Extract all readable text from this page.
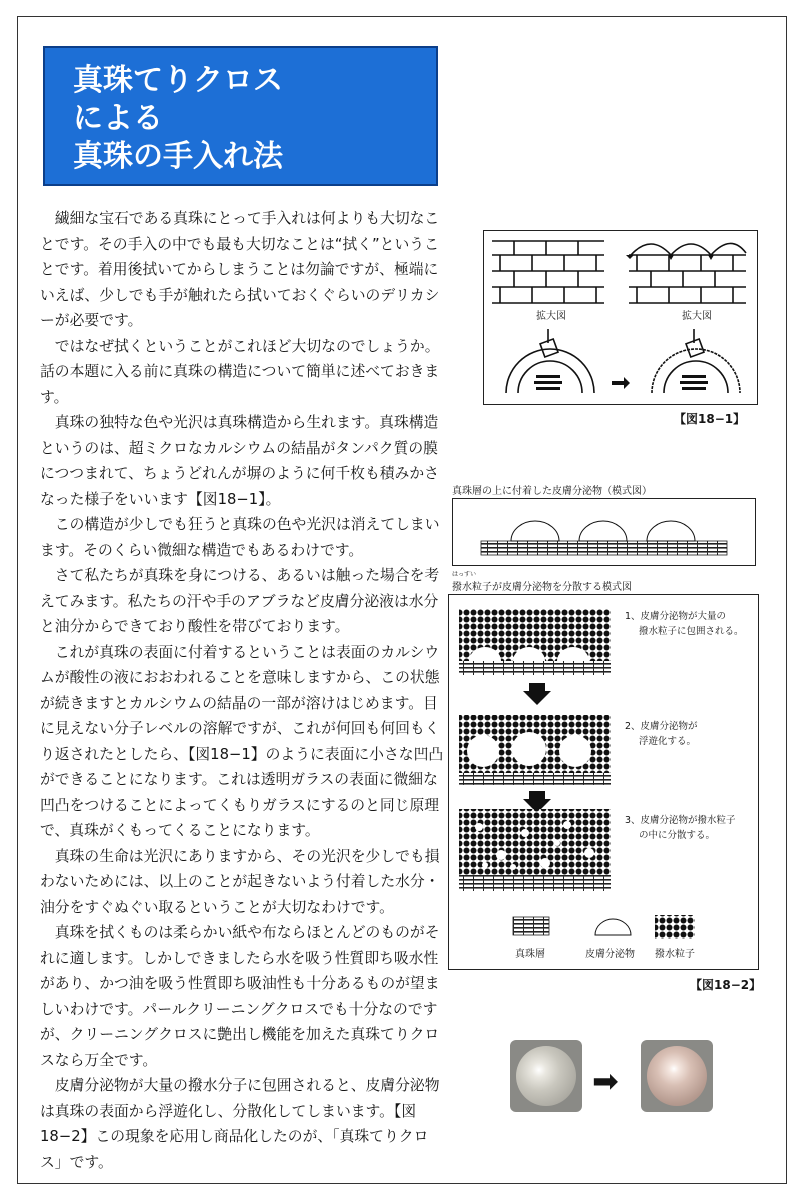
真珠てりクロス
による
真珠の手入れ法

繊細な宝石である真珠にとって手入れは何よりも大切なことです。その手入の中でも最も大切なことは“拭く”ということです。着用後拭いてからしまうことは勿論ですが、極端にいえば、少しでも手が触れたら拭いておくぐらいのデリカシーが必要です。

ではなぜ拭くということがこれほど大切なのでしょうか。話の本題に入る前に真珠の構造について簡単に述べておきます。

真珠の独特な色や光沢は真珠構造から生れます。真珠構造というのは、超ミクロなカルシウムの結晶がタンパク質の膜につつまれて、ちょうどれんが塀のように何千枚も積みかさなった様子をいいます【図18−1】。

この構造が少しでも狂うと真珠の色や光沢は消えてしまいます。そのくらい微細な構造でもあるわけです。

さて私たちが真珠を身につける、あるいは触った場合を考えてみます。私たちの汗や手のアブラなど皮膚分泌液は水分と油分からできており酸性を帯びております。

これが真珠の表面に付着するということは表面のカルシウムが酸性の液におおわれることを意味しますから、この状態が続きますとカルシウムの結晶の一部が溶けはじめます。目に見えない分子レベルの溶解ですが、これが何回も何回もくり返されたとしたら、【図18−1】のように表面に小さな凹凸ができることになります。これは透明ガラスの表面に微細な凹凸をつけることによってくもりガラスにするのと同じ原理で、真珠がくもってくることになります。

真珠の生命は光沢にありますから、その光沢を少しでも損わないためには、以上のことが起きないよう付着した水分・油分をすぐぬぐい取るということが大切なわけです。

真珠を拭くものは柔らかい紙や布ならほとんどのものがそれに適します。しかしできましたら水を吸う性質即ち吸水性があり、かつ油を吸う性質即ち吸油性も十分あるものが望ましいわけです。パールクリーニングクロスでも十分なのですが、クリーニングクロスに艶出し機能を加えた真珠てりクロスなら万全です。

皮膚分泌物が大量の撥水分子に包囲されると、皮膚分泌物は真珠の表面から浮遊化し、分散化してしまいます。【図18−2】この現象を応用し商品化したのが、「真珠てりクロス」です。

拡大図	拡大図
【図18−1】
真珠層の上に付着した皮膚分泌物（模式図）
撥水粒子が皮膚分泌物を分散する模式図
はっすい
1、皮膚分泌物が大量の
撥水粒子に包囲される。
2、皮膚分泌物が
浮遊化する。
3、皮膚分泌物が撥水粒子
の中に分散する。
真珠層	皮膚分泌物 撥水粒子
【図18−2】
➡
